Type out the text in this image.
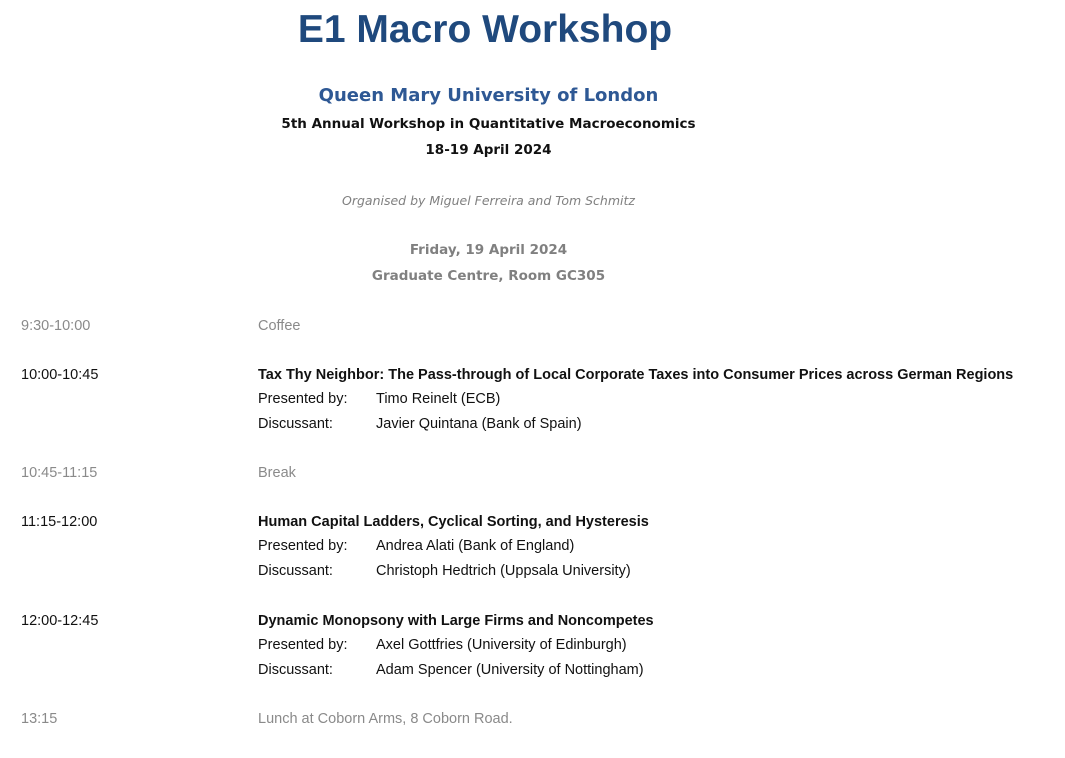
E1 Macro Workshop
Queen Mary University of London
5th Annual Workshop in Quantitative Macroeconomics
18-19 April 2024
Organised by Miguel Ferreira and Tom Schmitz
Friday, 19 April 2024
Graduate Centre, Room GC305
9:30-10:00	Coffee
10:00-10:45	Tax Thy Neighbor: The Pass-through of Local Corporate Taxes into Consumer Prices across German Regions
Presented by: Timo Reinelt (ECB)
Discussant:	Javier Quintana (Bank of Spain)
10:45-11:15	Break
11:15-12:00	Human Capital Ladders, Cyclical Sorting, and Hysteresis
Presented by: Andrea Alati (Bank of England)
Discussant:	Christoph Hedtrich (Uppsala University)
12:00-12:45	Dynamic Monopsony with Large Firms and Noncompetes
Presented by: Axel Gottfries (University of Edinburgh)
Discussant:	Adam Spencer (University of Nottingham)
13:15	Lunch at Coborn Arms, 8 Coborn Road.
